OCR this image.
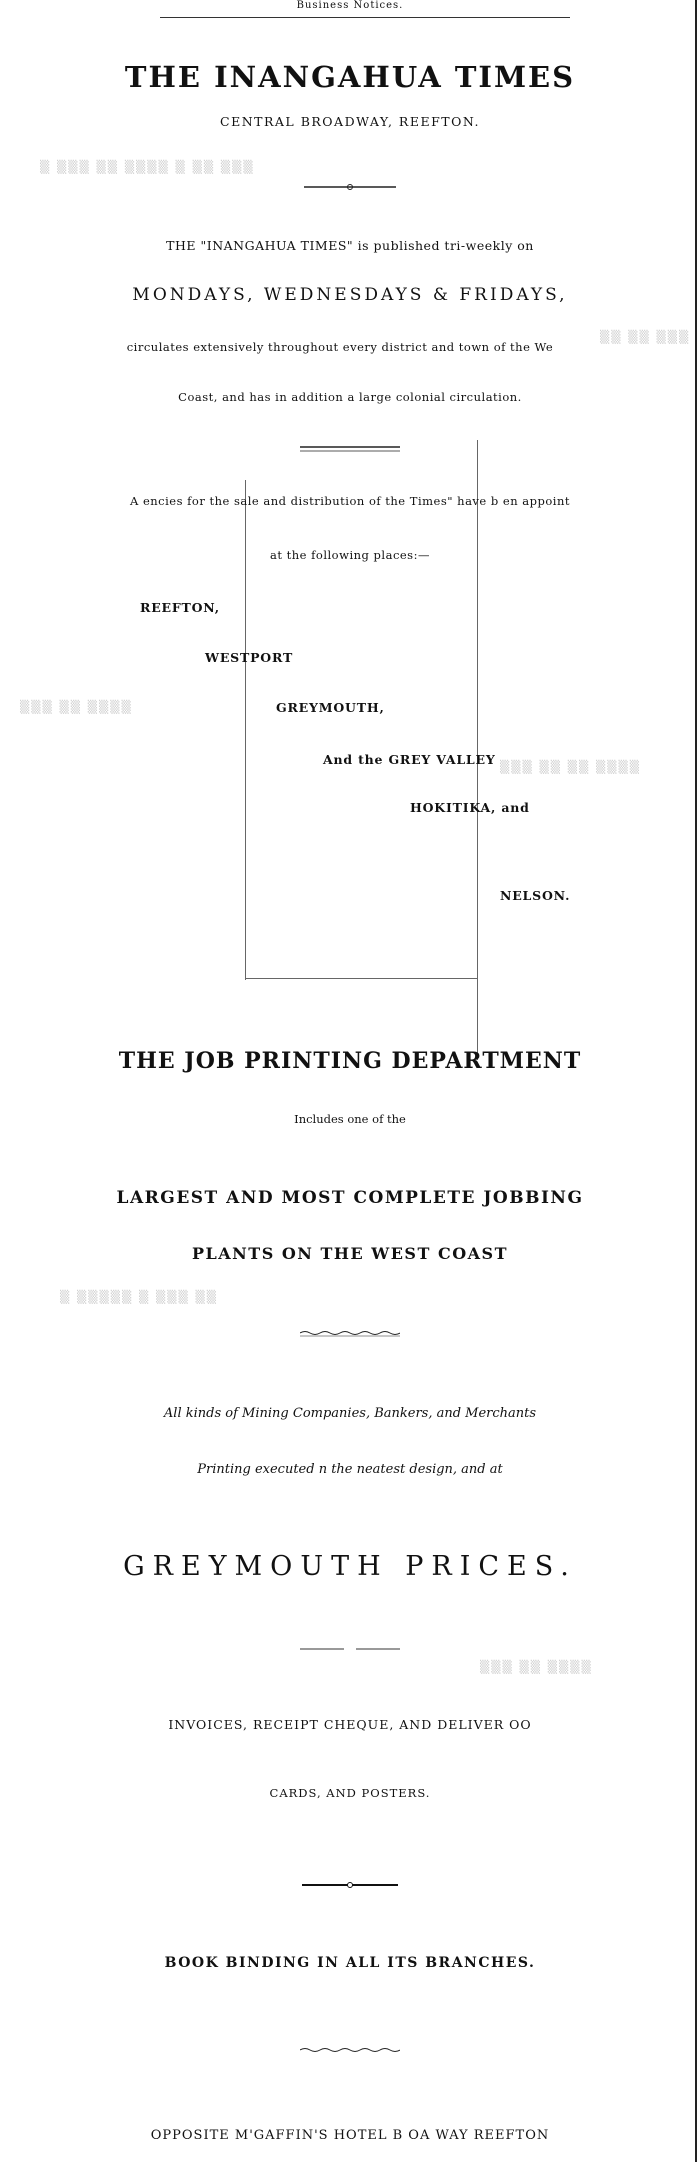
▒ ▒▒▒ ▒▒ ▒▒▒▒ ▒ ▒▒ ▒▒▒
▒▒ ▒▒ ▒▒▒
▒▒▒ ▒▒ ▒▒▒▒
▒▒▒ ▒▒ ▒▒ ▒▒▒▒
▒ ▒▒▒▒▒ ▒ ▒▒▒ ▒▒
▒▒▒ ▒▒ ▒▒▒▒
Business Notices.
THE INANGAHUA TIMES
CENTRAL BROADWAY, REEFTON.
THE "INANGAHUA TIMES" is published tri-weekly on
MONDAYS, WEDNESDAYS & FRIDAYS,
circulates extensively throughout every district and town of the We
Coast, and has in addition a large colonial circulation.
A encies for the sale and distribution of the Times" have b en appoint
at the following places:—
REEFTON,
WESTPORT
GREYMOUTH,
And the GREY VALLEY
HOKITIKA, and
NELSON.
THE JOB PRINTING DEPARTMENT
Includes one of the
LARGEST AND MOST COMPLETE JOBBING
PLANTS ON THE WEST COAST
All kinds of Mining Companies, Bankers, and Merchants
Printing executed n the neatest design, and at
GREYMOUTH PRICES.
INVOICES, RECEIPT CHEQUE, AND DELIVER OO
CARDS, AND POSTERS.
BOOK BINDING IN ALL ITS BRANCHES.
OPPOSITE M'GAFFIN'S HOTEL B OA WAY REEFTON
